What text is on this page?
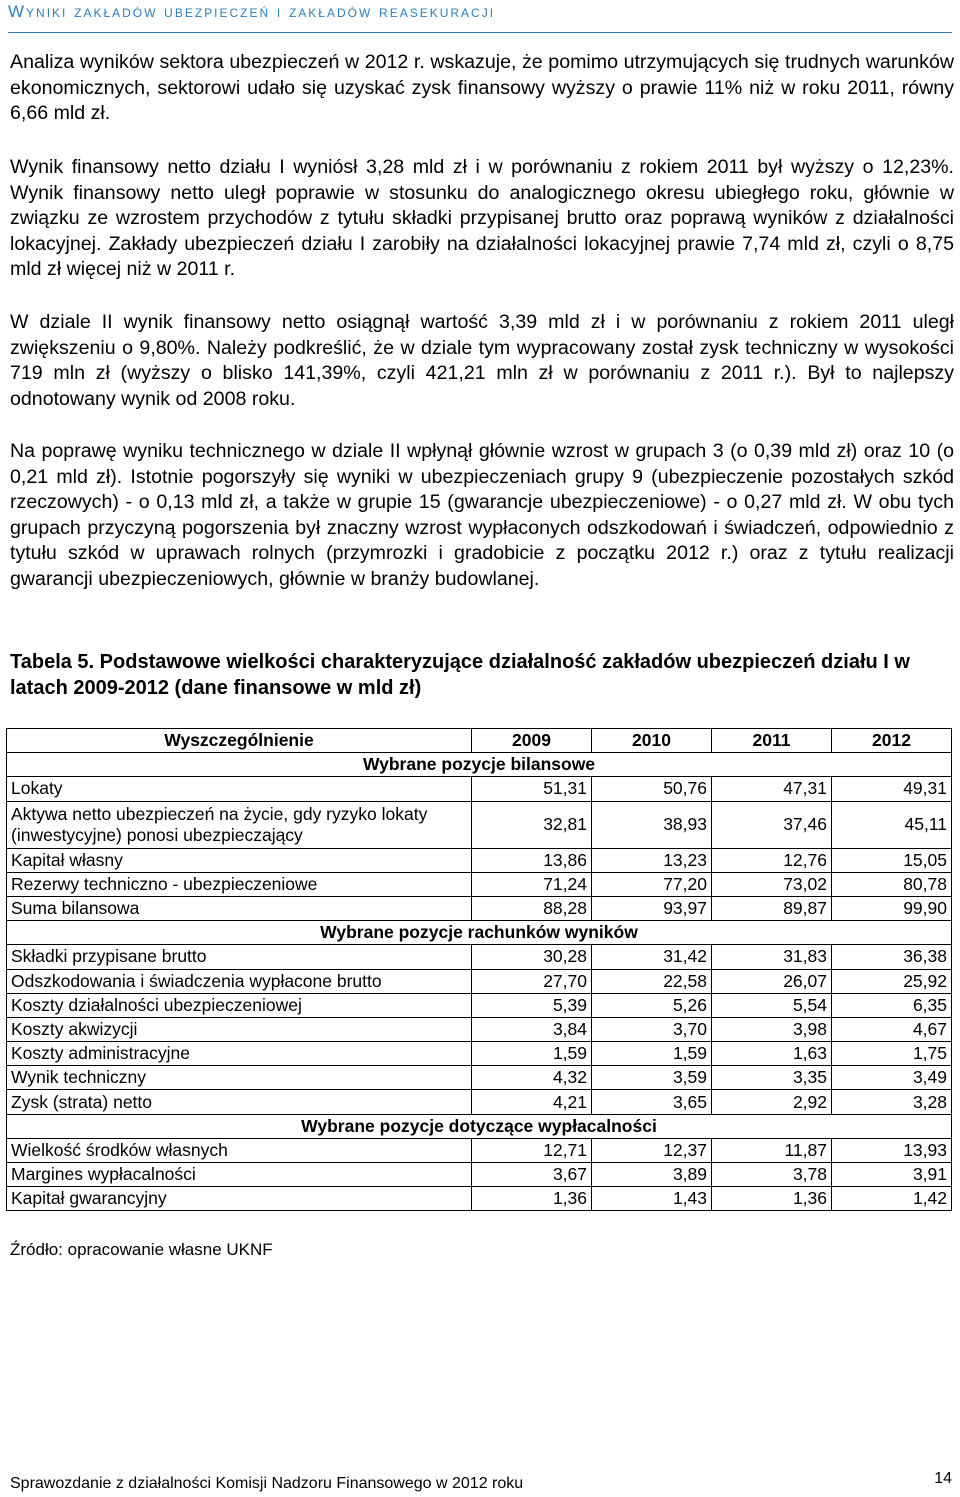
Wyniki zakładów ubezpieczeń i zakładów reasekuracji
Analiza wyników sektora ubezpieczeń w 2012 r. wskazuje, że pomimo utrzymujących się trudnych warunków ekonomicznych, sektorowi udało się uzyskać zysk finansowy wyższy o prawie 11% niż w roku 2011, równy 6,66 mld zł.
Wynik finansowy netto działu I wyniósł 3,28 mld zł i w porównaniu z rokiem 2011 był wyższy o 12,23%. Wynik finansowy netto uległ poprawie w stosunku do analogicznego okresu ubiegłego roku, głównie w związku ze wzrostem przychodów z tytułu składki przypisanej brutto oraz poprawą wyników z działalności lokacyjnej. Zakłady ubezpieczeń działu I zarobiły na działalności lokacyjnej prawie 7,74 mld zł, czyli o 8,75 mld zł więcej niż w 2011 r.
W dziale II wynik finansowy netto osiągnął wartość 3,39 mld zł i w porównaniu z rokiem 2011 uległ zwiększeniu o 9,80%. Należy podkreślić, że w dziale tym wypracowany został zysk techniczny w wysokości 719 mln zł (wyższy o blisko 141,39%, czyli 421,21 mln zł w porównaniu z 2011 r.). Był to najlepszy odnotowany wynik od 2008 roku.
Na poprawę wyniku technicznego w dziale II wpłynął głównie wzrost w grupach 3 (o 0,39 mld zł) oraz 10 (o 0,21 mld zł). Istotnie pogorszyły się wyniki w ubezpieczeniach grupy 9 (ubezpieczenie pozostałych szkód rzeczowych) - o 0,13 mld zł, a także w grupie 15 (gwarancje ubezpieczeniowe) - o 0,27 mld zł. W obu tych grupach przyczyną pogorszenia był znaczny wzrost wypłaconych odszkodowań i świadczeń, odpowiednio z tytułu szkód w uprawach rolnych (przymrozki i gradobicie z początku 2012 r.) oraz z tytułu realizacji gwarancji ubezpieczeniowych, głównie w branży budowlanej.
Tabela 5. Podstawowe wielkości charakteryzujące działalność zakładów ubezpieczeń działu I w latach 2009-2012 (dane finansowe w mld zł)
Wyszczególnienie	2009	2010	2011	2012
Wybrane pozycje bilansowe				
Lokaty	51,31	50,76	47,31	49,31
Aktywa netto ubezpieczeń na życie, gdy ryzyko lokaty (inwestycyjne) ponosi ubezpieczający	32,81	38,93	37,46	45,11
Kapitał własny	13,86	13,23	12,76	15,05
Rezerwy techniczno - ubezpieczeniowe	71,24	77,20	73,02	80,78
Suma bilansowa	88,28	93,97	89,87	99,90
Wybrane pozycje rachunków wyników				
Składki przypisane brutto	30,28	31,42	31,83	36,38
Odszkodowania i świadczenia wypłacone brutto	27,70	22,58	26,07	25,92
Koszty działalności ubezpieczeniowej	5,39	5,26	5,54	6,35
Koszty akwizycji	3,84	3,70	3,98	4,67
Koszty administracyjne	1,59	1,59	1,63	1,75
Wynik techniczny	4,32	3,59	3,35	3,49
Zysk (strata) netto	4,21	3,65	2,92	3,28
Wybrane pozycje dotyczące wypłacalności				
Wielkość środków własnych	12,71	12,37	11,87	13,93
Margines wypłacalności	3,67	3,89	3,78	3,91
Kapitał gwarancyjny	1,36	1,43	1,36	1,42
Źródło: opracowanie własne UKNF
Sprawozdanie z działalności Komisji Nadzoru Finansowego w 2012 roku	14
